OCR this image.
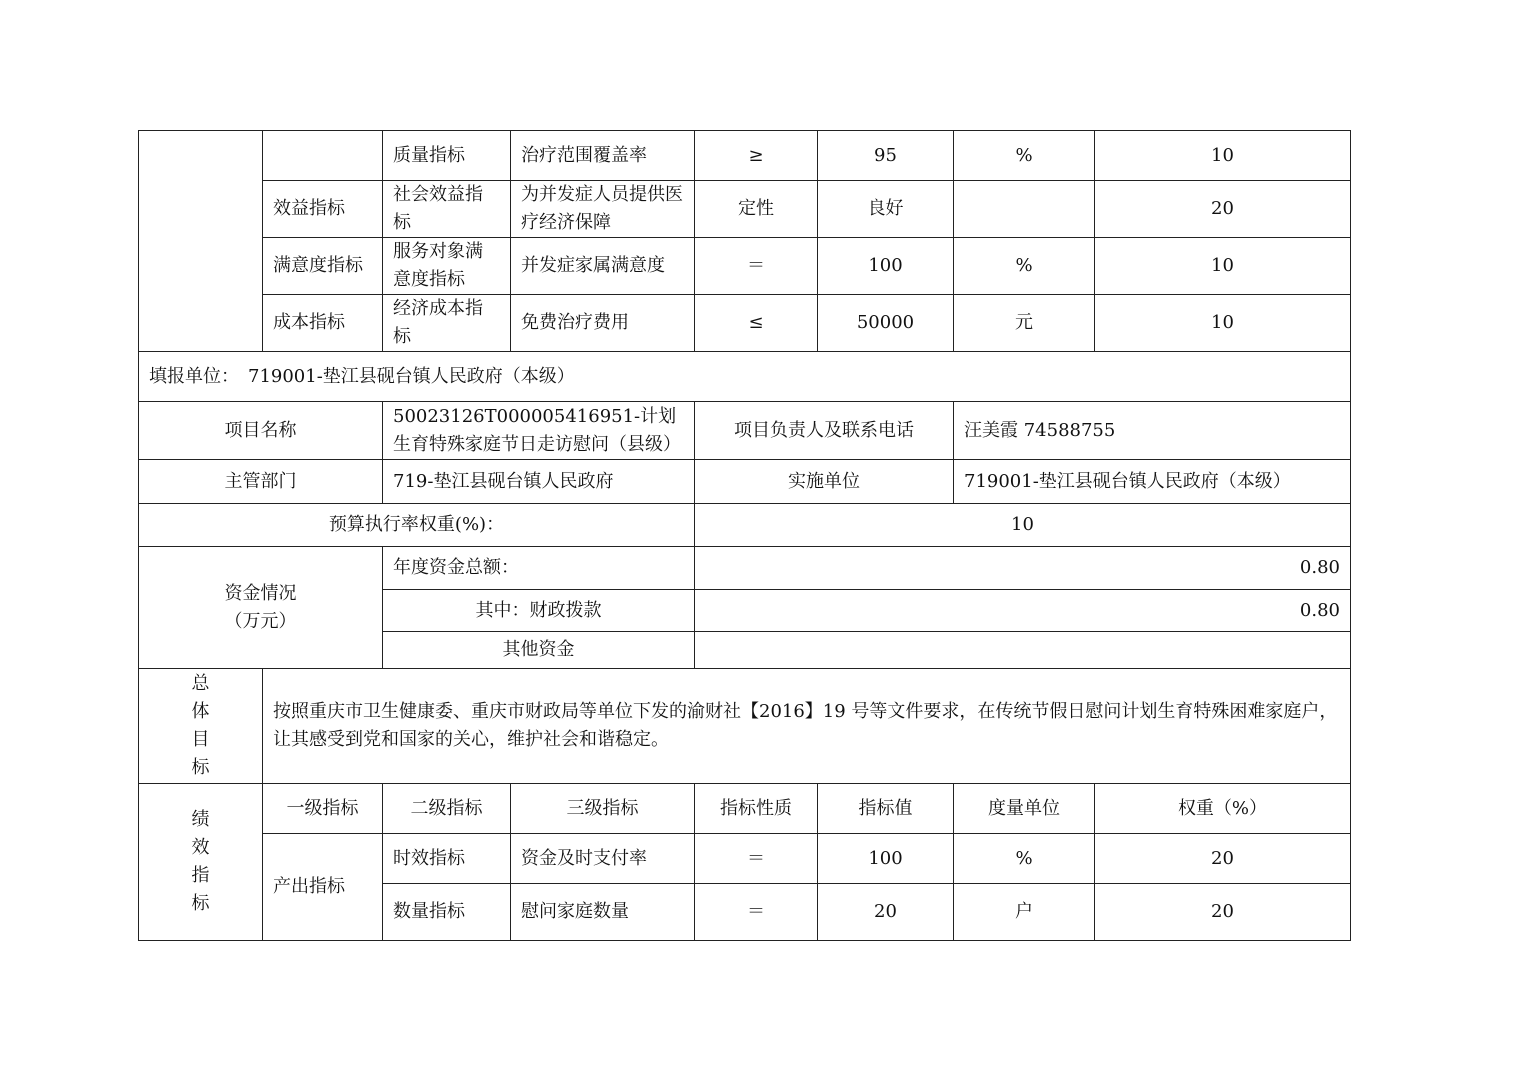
		质量指标	治疗范围覆盖率	≥	95	%	10
	效益指标	社会效益指标	为并发症人员提供医疗经济保障	定性	良好		20
	满意度指标	服务对象满意度指标	并发症家属满意度	＝	100	%	10
	成本指标	经济成本指标	免费治疗费用	≤	50000	元	10
填报单位：　719001-垫江县砚台镇人民政府（本级）							
项目名称		50023126T000005416951-计划生育特殊家庭节日走访慰问（县级）		项目负责人及联系电话		汪美霞 74588755	
主管部门		719-垫江县砚台镇人民政府		实施单位		719001-垫江县砚台镇人民政府（本级）	
预算执行率权重(%)：				10			

资金情况
（万元）		年度资金总额：		0.80			
		其中：财政拨款		0.80			
		其他资金					

总
体
目
标	按照重庆市卫生健康委、重庆市财政局等单位下发的渝财社【2016】19 号等文件要求，在传统节假日慰问计划生育特殊困难家庭户，让其感受到党和国家的关心，维护社会和谐稳定。						

绩
效
指
标	一级指标	二级指标	三级指标	指标性质	指标值	度量单位	权重（%）
	产出指标	时效指标	资金及时支付率	＝	100	%	20
		数量指标	慰问家庭数量	＝	20	户	20
